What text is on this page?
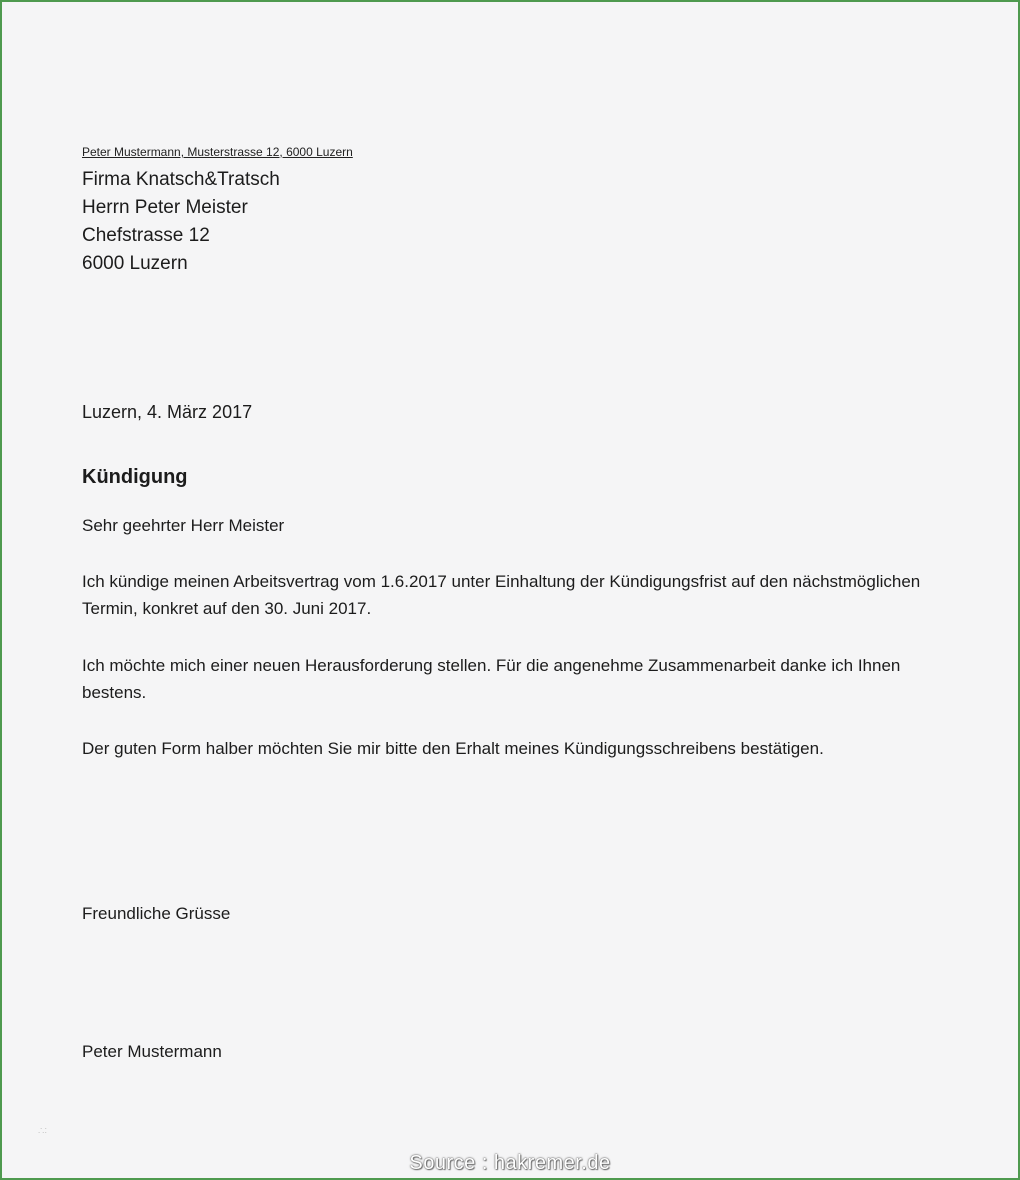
Peter Mustermann, Musterstrasse 12, 6000 Luzern
Firma Knatsch&Tratsch
Herrn Peter Meister
Chefstrasse 12
6000 Luzern
Luzern, 4. März 2017
Kündigung
Sehr geehrter Herr Meister
Ich kündige meinen Arbeitsvertrag vom 1.6.2017 unter Einhaltung der Kündigungsfrist auf den nächstmöglichen Termin, konkret auf den 30. Juni 2017.
Ich möchte mich einer neuen Herausforderung stellen. Für die angenehme Zusammenarbeit danke ich Ihnen bestens.
Der guten Form halber möchten Sie mir bitte den Erhalt meines Kündigungsschreibens bestätigen.
Freundliche Grüsse
Peter Mustermann
∴∶
Source : hakremer.de
